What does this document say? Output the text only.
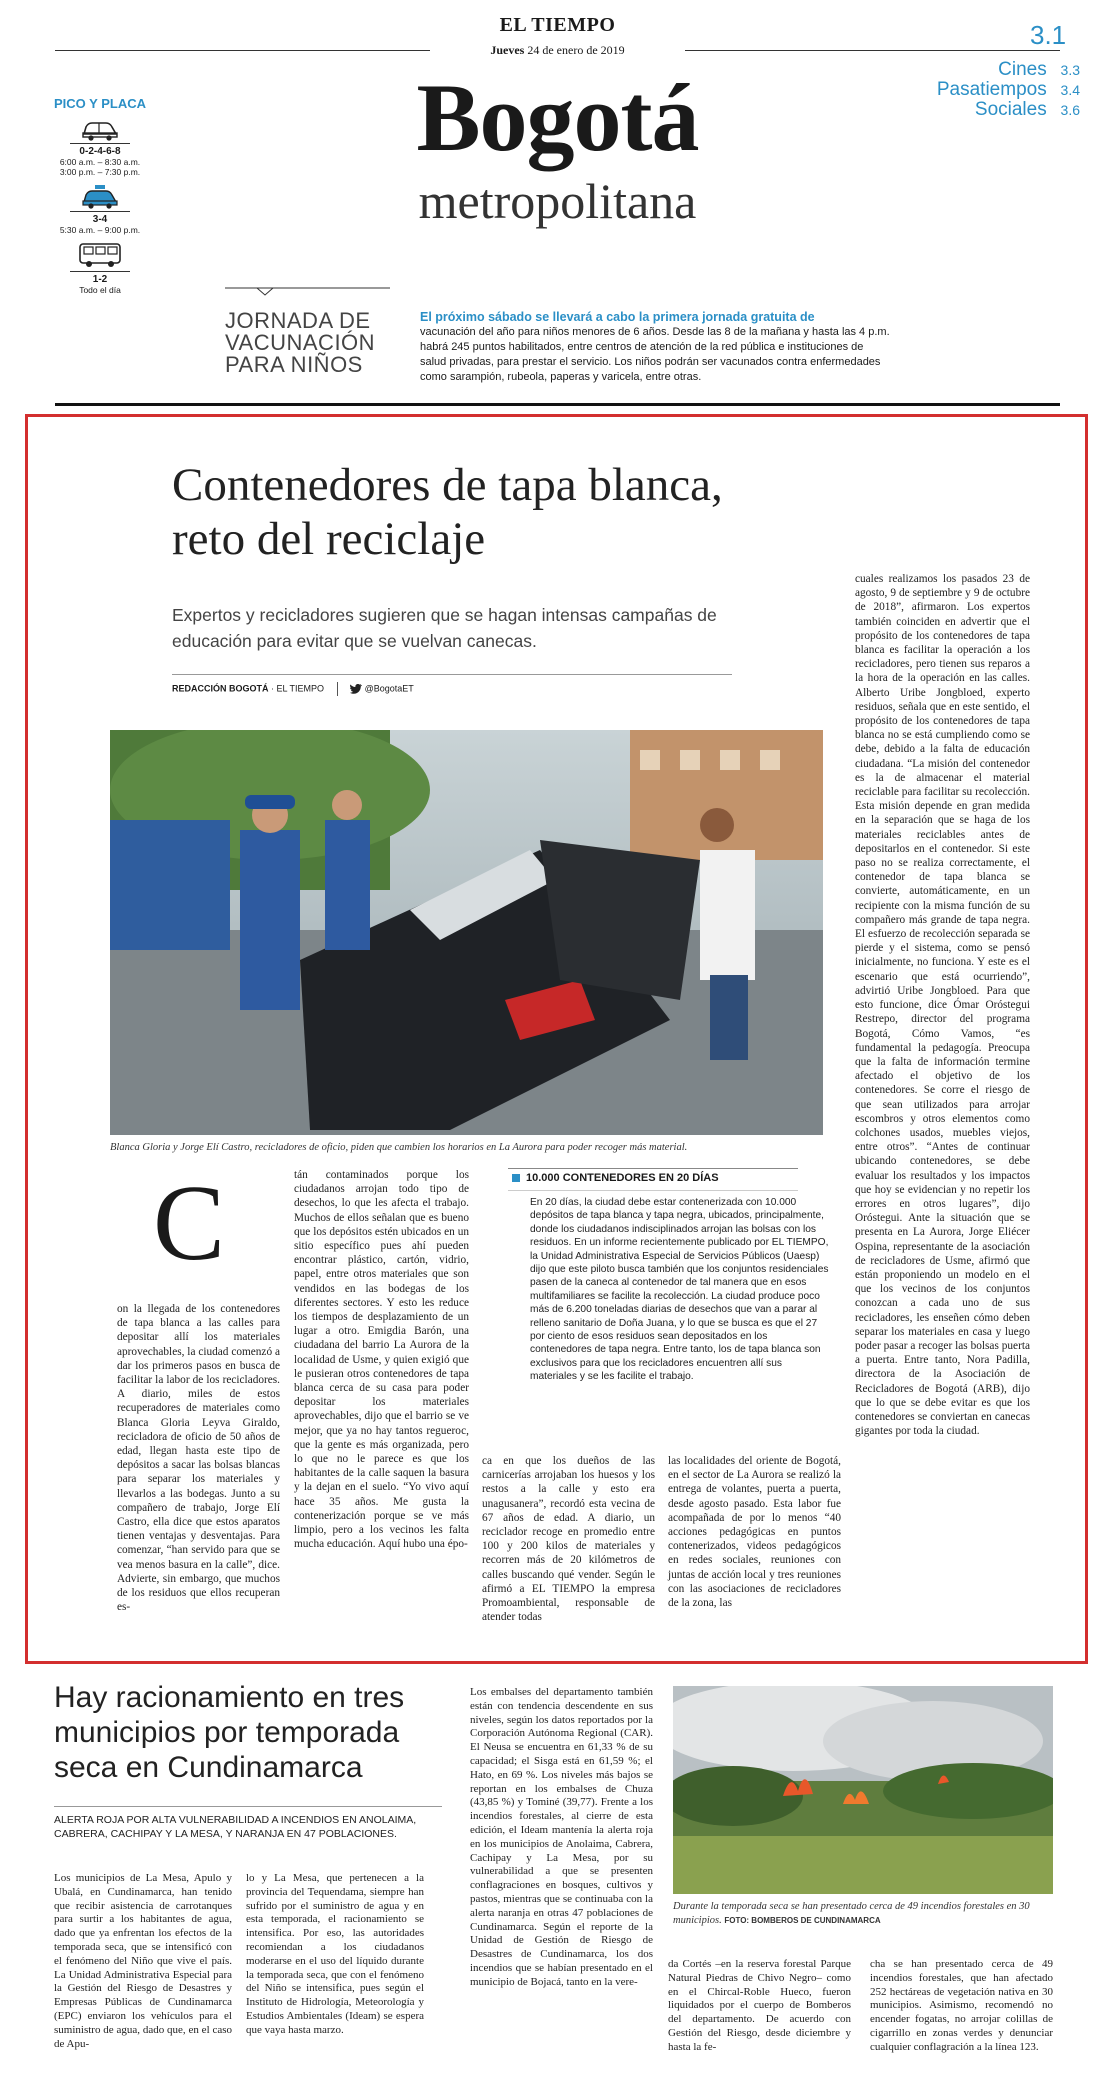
EL TIEMPO
Jueves 24 de enero de 2019	3.1
Bogotá
metropolitana
Cines 3.3
Pasatiempos 3.4
Sociales 3.6
PICO Y PLACA
0-2-4-6-8
6:00 a.m. – 8:30 a.m.
3:00 p.m. – 7:30 p.m.
3-4
5:30 a.m. – 9:00 p.m.
1-2
Todo el día
JORNADA DE
VACUNACIÓN
PARA NIÑOS
El próximo sábado se llevará a cabo la primera jornada gratuita de
vacunación del año para niños menores de 6 años. Desde las 8 de la mañana y hasta las 4 p.m. habrá 245 puntos habilitados, entre centros de atención de la red pública e instituciones de salud privadas, para prestar el servicio. Los niños podrán ser vacunados contra enfermedades como sarampión, rubeola, paperas y varicela, entre otras.
Contenedores de tapa blanca, reto del reciclaje
Expertos y recicladores sugieren que se hagan intensas campañas de educación para evitar que se vuelvan canecas.
REDACCIÓN BOGOTÁ · EL TIEMPO	@BogotaET
Blanca Gloria y Jorge Elí Castro, recicladores de oficio, piden que cambien los horarios en La Aurora para poder recoger más material.
C
on la llegada de los contenedores de tapa blanca a las calles para depositar allí los materiales aprovechables, la ciudad comenzó a dar los primeros pasos en busca de facilitar la labor de los recicladores. A diario, miles de estos recuperadores de materiales como Blanca Gloria Leyva Giraldo, recicladora de oficio de 50 años de edad, llegan hasta este tipo de depósitos a sacar las bolsas blancas para separar los materiales y llevarlos a las bodegas. Junto a su compañero de trabajo, Jorge Elí Castro, ella dice que estos aparatos tienen ventajas y desventajas. Para comenzar, “han servido para que se vea menos basura en la calle”, dice. Advierte, sin embargo, que muchos de los residuos que ellos recuperan es-
tán contaminados porque los ciudadanos arrojan todo tipo de desechos, lo que les afecta el trabajo. Muchos de ellos señalan que es bueno que los depósitos estén ubicados en un sitio específico pues ahí pueden encontrar plástico, cartón, vidrio, papel, entre otros materiales que son vendidos en las bodegas de los diferentes sectores. Y esto les reduce los tiempos de desplazamiento de un lugar a otro. Emigdia Barón, una ciudadana del barrio La Aurora de la localidad de Usme, y quien exigió que le pusieran otros contenedores de tapa blanca cerca de su casa para poder depositar los materiales aprovechables, dijo que el barrio se ve mejor, que ya no hay tantos reguerос, que la gente es más organizada, pero lo que no le parece es que los habitantes de la calle saquen la basura y la dejan en el suelo. “Yo vivo aquí hace 35 años. Me gusta la contenerización porque se ve más limpio, pero a los vecinos les falta mucha educación. Aquí hubo una épo-
10.000 CONTENEDORES EN 20 DÍAS
En 20 días, la ciudad debe estar contenerizada con 10.000 depósitos de tapa blanca y tapa negra, ubicados, principalmente, donde los ciudadanos indisciplinados arrojan las bolsas con los residuos. En un informe recientemente publicado por EL TIEMPO, la Unidad Administrativa Especial de Servicios Públicos (Uaesp) dijo que este piloto busca también que los conjuntos residenciales pasen de la caneca al contenedor de tal manera que en esos multifamiliares se facilite la recolección. La ciudad produce poco más de 6.200 toneladas diarias de desechos que van a parar al relleno sanitario de Doña Juana, y lo que se busca es que el 27 por ciento de esos residuos sean depositados en los contenedores de tapa negra. Entre tanto, los de tapa blanca son exclusivos para que los recicladores encuentren allí sus materiales y se les facilite el trabajo.
ca en que los dueños de las carnicerías arrojaban los huesos y los restos a la calle y esto era unagusanera”, recordó esta vecina de 67 años de edad. A diario, un reciclador recoge en promedio entre 100 y 200 kilos de materiales y recorren más de 20 kilómetros de calles buscando qué vender. Según le afirmó a EL TIEMPO la empresa Promoambiental, responsable de atender todas
las localidades del oriente de Bogotá, en el sector de La Aurora se realizó la entrega de volantes, puerta a puerta, desde agosto pasado. Esta labor fue acompañada de por lo menos “40 acciones pedagógicas en puntos contenerizados, videos pedagógicos en redes sociales, reuniones con juntas de acción local y tres reuniones con las asociaciones de recicladores de la zona, las
cuales realizamos los pasados 23 de agosto, 9 de septiembre y 9 de octubre de 2018”, afirmaron. Los expertos también coinciden en advertir que el propósito de los contenedores de tapa blanca es facilitar la operación a los recicladores, pero tienen sus reparos a la hora de la operación en las calles. Alberto Uribe Jongbloed, experto residuos, señala que en este sentido, el propósito de los contenedores de tapa blanca no se está cumpliendo como se debe, debido a la falta de educación ciudadana. “La misión del contenedor es la de almacenar el material reciclable para facilitar su recolección. Esta misión depende en gran medida en la separación que se haga de los materiales reciclables antes de depositarlos en el contenedor. Si este paso no se realiza correctamente, el contenedor de tapa blanca se convierte, automáticamente, en un recipiente con la misma función de su compañero más grande de tapa negra. El esfuerzo de recolección separada se pierde y el sistema, como se pensó inicialmente, no funciona. Y este es el escenario que está ocurriendo”, advirtió Uribe Jongbloed. Para que esto funcione, dice Ómar Oróstegui Restrepo, director del programa Bogotá, Cómo Vamos, “es fundamental la pedagogía. Preocupa que la falta de información termine afectado el objetivo de los contenedores. Se corre el riesgo de que sean utilizados para arrojar escombros y otros elementos como colchones usados, muebles viejos, entre otros”. “Antes de continuar ubicando contenedores, se debe evaluar los resultados y los impactos que hoy se evidencian y no repetir los errores en otros lugares”, dijo Oróstegui. Ante la situación que se presenta en La Aurora, Jorge Eliécer Ospina, representante de la asociación de recicladores de Usme, afirmó que están proponiendo un modelo en el que los vecinos de los conjuntos conozcan a cada uno de sus recicladores, les enseñen cómo deben separar los materiales en casa y luego poder pasar a recoger las bolsas puerta a puerta. Entre tanto, Nora Padilla, directora de la Asociación de Recicladores de Bogotá (ARB), dijo que lo que se debe evitar es que los contenedores se conviertan en canecas gigantes por toda la ciudad.
Hay racionamiento en tres municipios por temporada seca en Cundinamarca
ALERTA ROJA POR ALTA VULNERABILIDAD A INCENDIOS EN ANOLAIMA, CABRERA, CACHIPAY Y LA MESA, Y NARANJA EN 47 POBLACIONES.
Los municipios de La Mesa, Apulo y Ubalá, en Cundinamarca, han tenido que recibir asistencia de carrotanques para surtir a los habitantes de agua, dado que ya enfrentan los efectos de la temporada seca, que se intensificó con el fenómeno del Niño que vive el país. La Unidad Administrativa Especial para la Gestión del Riesgo de Desastres y Empresas Públicas de Cundinamarca (EPC) enviaron los vehículos para el suministro de agua, dado que, en el caso de Apu-
lo y La Mesa, que pertenecen a la provincia del Tequendama, siempre han sufrido por el suministro de agua y en esta temporada, el racionamiento se intensifica. Por eso, las autoridades recomiendan a los ciudadanos moderarse en el uso del líquido durante la temporada seca, que con el fenómeno del Niño se intensifica, pues según el Instituto de Hidrología, Meteorología y Estudios Ambientales (Ideam) se espera que vaya hasta marzo.
Los embalses del departamento también están con tendencia descendente en sus niveles, según los datos reportados por la Corporación Autónoma Regional (CAR). El Neusa se encuentra en 61,33 % de su capacidad; el Sisga está en 61,59 %; el Hato, en 69 %. Los niveles más bajos se reportan en los embalses de Chuza (43,85 %) y Tominé (39,77). Frente a los incendios forestales, al cierre de esta edición, el Ideam mantenía la alerta roja en los municipios de Anolaima, Cabrera, Cachipay y La Mesa, por su vulnerabilidad a que se presenten conflagraciones en bosques, cultivos y pastos, mientras que se continuaba con la alerta naranja en otras 47 poblaciones de Cundinamarca. Según el reporte de la Unidad de Gestión de Riesgo de Desastres de Cundinamarca, los dos incendios que se habían presentado en el municipio de Bojacá, tanto en la vere-
da Cortés –en la reserva forestal Parque Natural Piedras de Chivo Negro– como en el Chircal-Roble Hueco, fueron liquidados por el cuerpo de Bomberos del departamento. De acuerdo con Gestión del Riesgo, desde diciembre y hasta la fe-
cha se han presentado cerca de 49 incendios forestales, que han afectado 252 hectáreas de vegetación nativa en 30 municipios. Asimismo, recomendó no encender fogatas, no arrojar colillas de cigarrillo en zonas verdes y denunciar cualquier conflagración a la línea 123.
Durante la temporada seca se han presentado cerca de 49 incendios forestales en 30 municipios. FOTO: BOMBEROS DE CUNDINAMARCA
